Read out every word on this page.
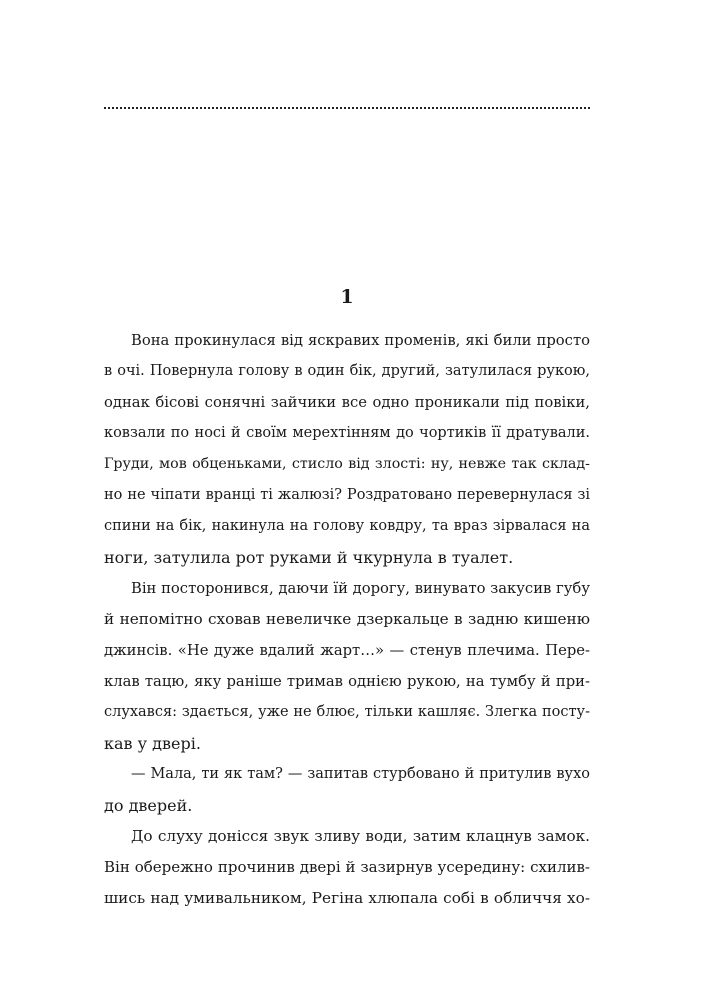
1

Вона прокинулася від яскравих променів, які били просто

в очі. Повернула голову в один бік, другий, затулилася рукою,

однак бісові сонячні зайчики все одно проникали під повіки,

ковзали по носі й своїм мерехтінням до чортиків її дратували.

Груди, мов обценьками, стисло від злості: ну, невже так склад-

но не чіпати вранці ті жалюзі? Роздратовано перевернулася зі

спини на бік, накинула на голову ковдру, та враз зірвалася на

ноги, затулила рот руками й чкурнула в туалет.

Він посторонився, даючи їй дорогу, винувато закусив губу

й непомітно сховав невеличке дзеркальце в задню кишеню

джинсів. «Не дуже вдалий жарт…» — стенув плечима. Пере-

клав тацю, яку раніше тримав однією рукою, на тумбу й при-

слухався: здається, уже не блює, тільки кашляє. Злегка посту-

кав у двері.

— Мала, ти як там? — запитав стурбовано й притулив вухо

до дверей.

До слуху донісся звук зливу води, затим клацнув замок.

Він обережно прочинив двері й зазирнув усередину: схилив-

шись над умивальником, Регіна хлюпала собі в обличчя хо-
